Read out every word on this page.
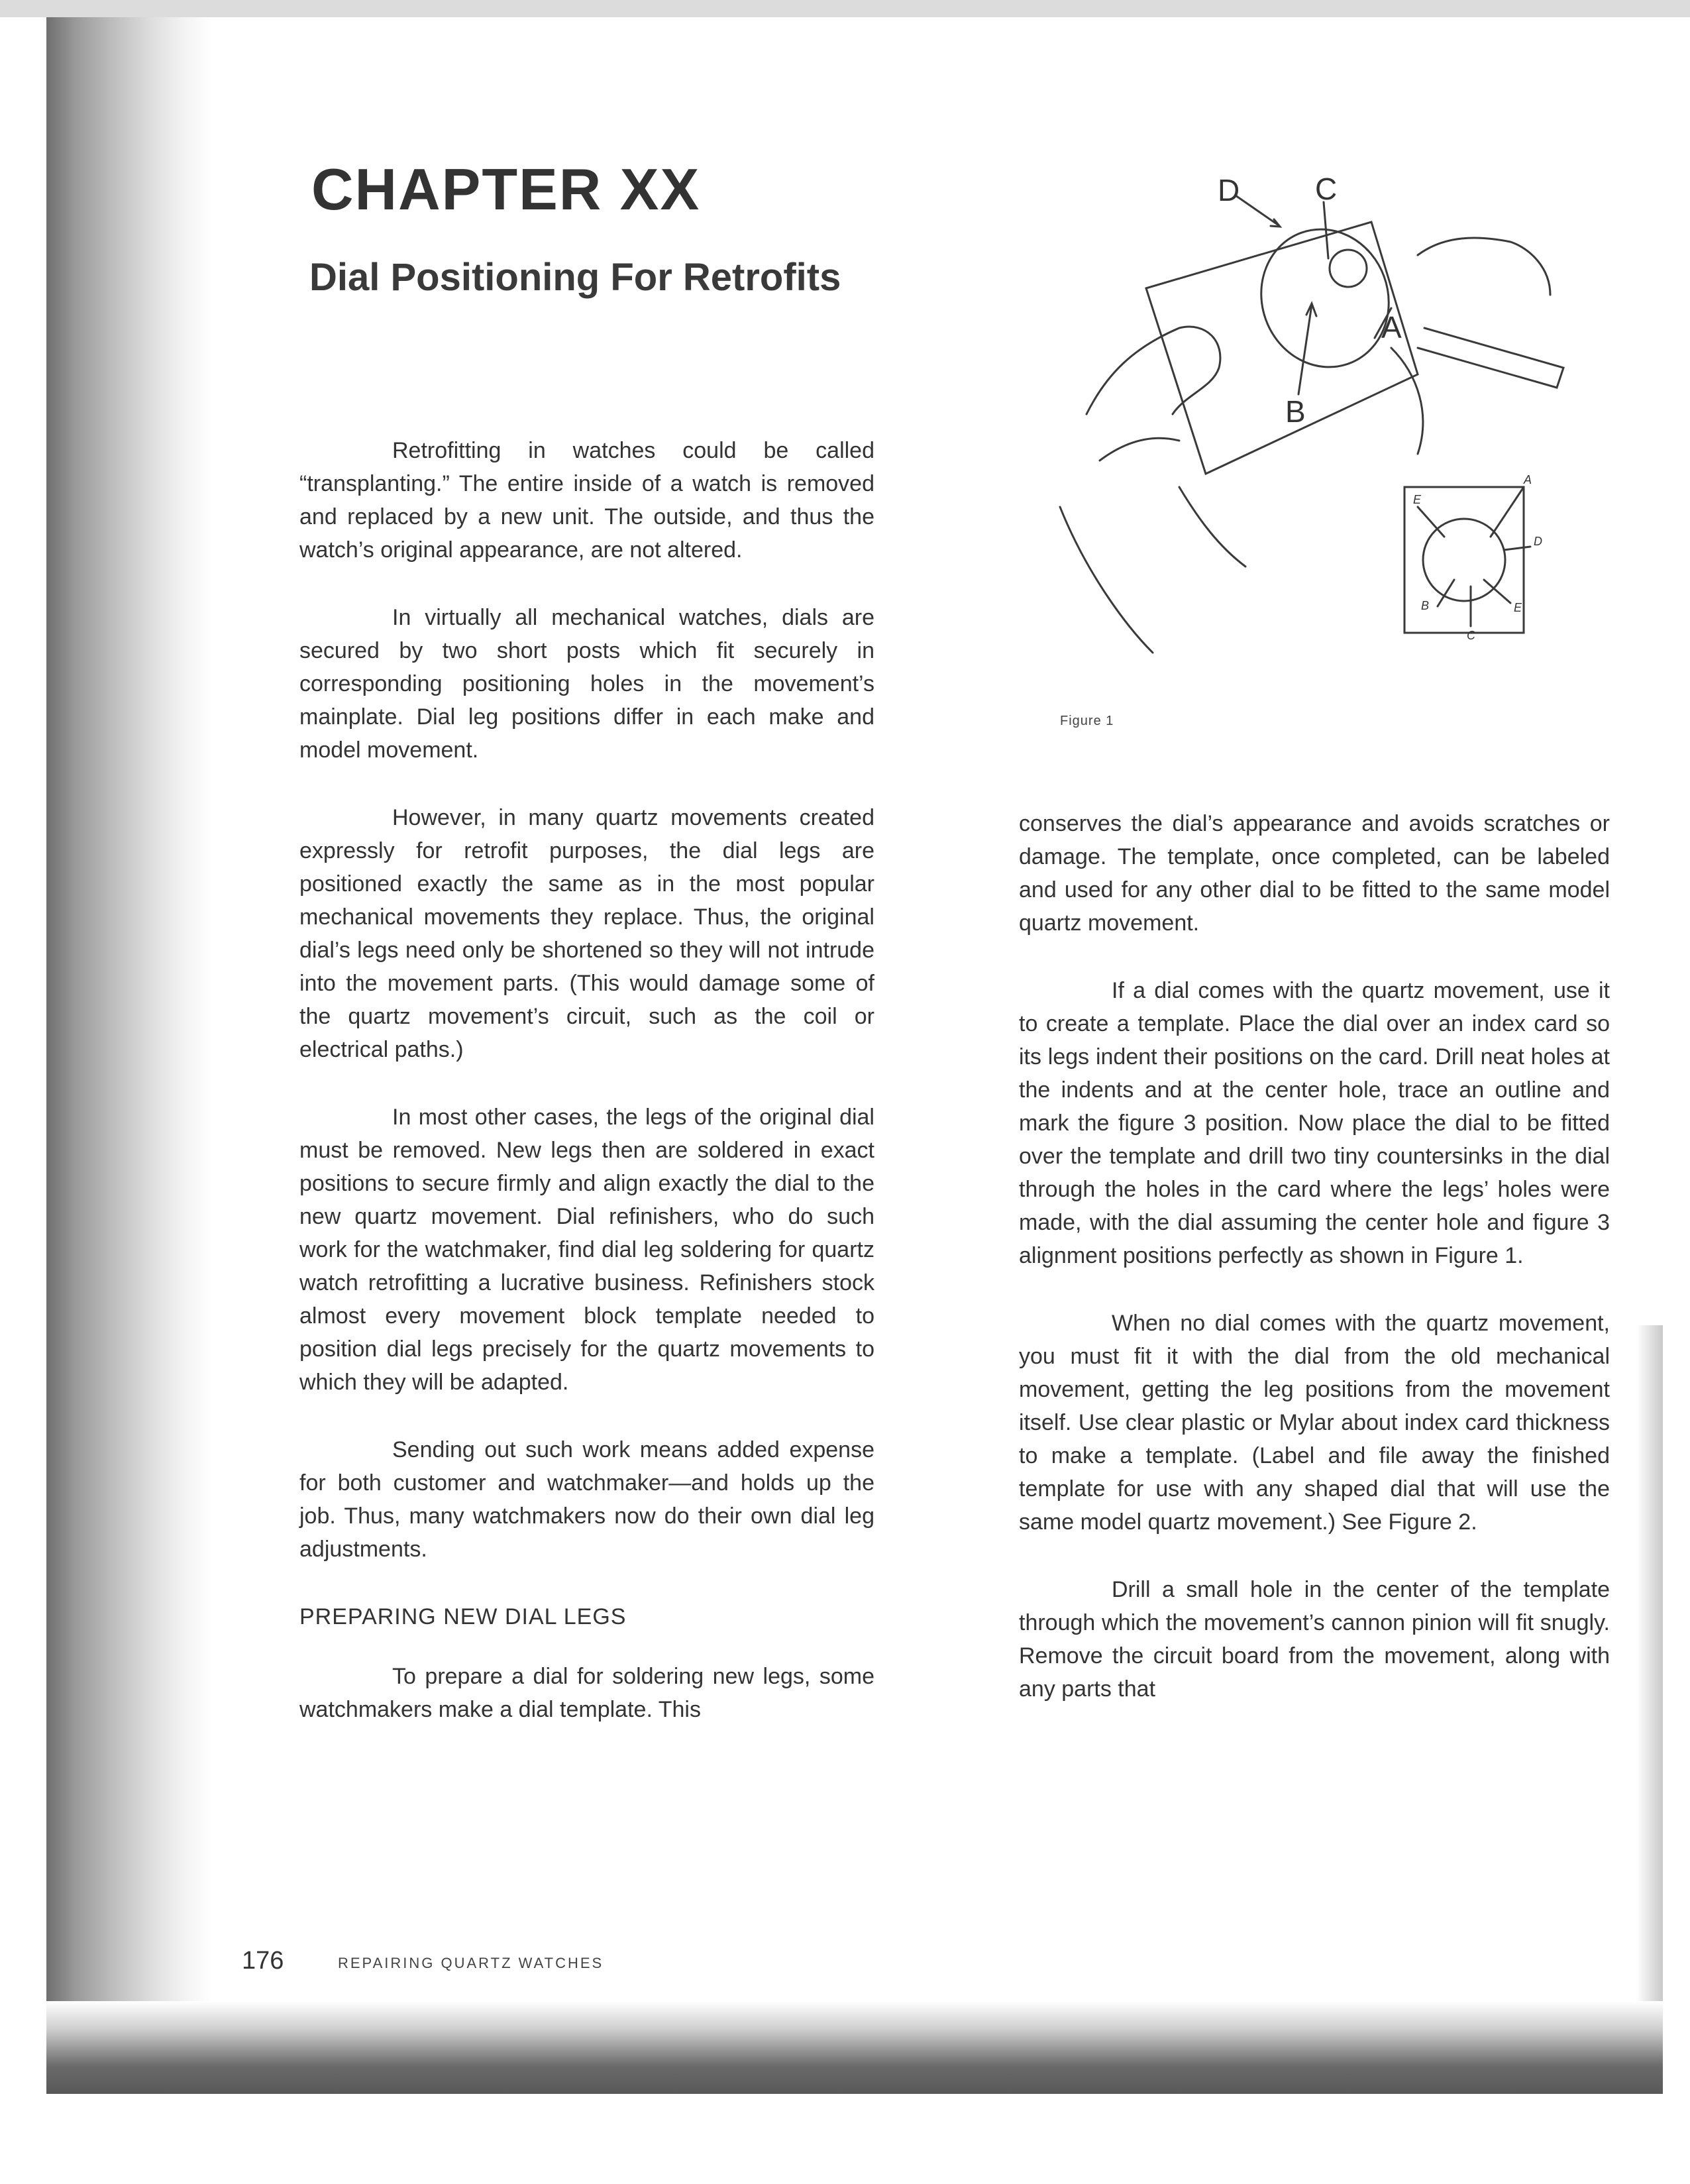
CHAPTER XX
Dial Positioning For Retrofits

Retrofitting in watches could be called “transplanting.” The entire inside of a watch is removed and replaced by a new unit. The outside, and thus the watch’s original appearance, are not altered.

In virtually all mechanical watches, dials are secured by two short posts which fit securely in corresponding positioning holes in the movement’s mainplate. Dial leg positions differ in each make and model movement.

However, in many quartz movements created expressly for retrofit purposes, the dial legs are positioned exactly the same as in the most popular mechanical movements they replace. Thus, the original dial’s legs need only be shortened so they will not intrude into the movement parts. (This would damage some of the quartz movement’s circuit, such as the coil or electrical paths.)

In most other cases, the legs of the original dial must be removed. New legs then are soldered in exact positions to secure firmly and align exactly the dial to the new quartz movement. Dial refinishers, who do such work for the watchmaker, find dial leg soldering for quartz watch retrofitting a lucrative business. Refinishers stock almost every movement block template needed to position dial legs precisely for the quartz movements to which they will be adapted.

Sending out such work means added expense for both customer and watchmaker—and holds up the job. Thus, many watchmakers now do their own dial leg adjustments.

PREPARING NEW DIAL LEGS

To prepare a dial for soldering new legs, some watchmakers make a dial template. This

D C
B
A
E
A
D
B	E
C
Figure 1

conserves the dial’s appearance and avoids scratches or damage. The template, once completed, can be labeled and used for any other dial to be fitted to the same model quartz movement.

If a dial comes with the quartz movement, use it to create a template. Place the dial over an index card so its legs indent their positions on the card. Drill neat holes at the indents and at the center hole, trace an outline and mark the figure 3 position. Now place the dial to be fitted over the template and drill two tiny countersinks in the dial through the holes in the card where the legs’ holes were made, with the dial assuming the center hole and figure 3 alignment positions perfectly as shown in Figure 1.

When no dial comes with the quartz movement, you must fit it with the dial from the old mechanical movement, getting the leg positions from the movement itself. Use clear plastic or Mylar about index card thickness to make a template. (Label and file away the finished template for use with any shaped dial that will use the same model quartz movement.) See Figure 2.

Drill a small hole in the center of the template through which the movement’s cannon pinion will fit snugly. Remove the circuit board from the movement, along with any parts that

176	REPAIRING QUARTZ WATCHES
